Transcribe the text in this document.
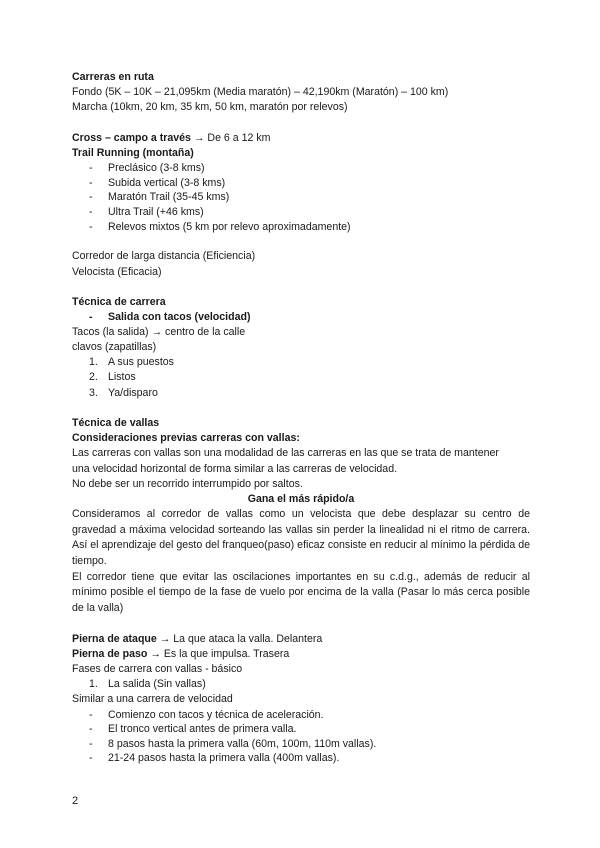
Carreras en ruta
Fondo (5K – 10K – 21,095km (Media maratón) – 42,190km (Maratón) – 100 km)
Marcha (10km, 20 km, 35 km, 50 km, maratón por relevos)
Cross – campo a través → De 6 a 12 km
Trail Running (montaña)
- Preclásico (3-8 kms)
- Subida vertical (3-8 kms)
- Maratón Trail (35-45 kms)
- Ultra Trail (+46 kms)
- Relevos mixtos (5 km por relevo aproximadamente)
Corredor de larga distancia (Eficiencia)
Velocista (Eficacia)
Técnica de carrera
- Salida con tacos (velocidad)
Tacos (la salida) → centro de la calle
clavos (zapatillas)
1. A sus puestos
2. Listos
3. Ya/disparo
Técnica de vallas
Consideraciones previas carreras con vallas:
Las carreras con vallas son una modalidad de las carreras en las que se trata de mantener
una velocidad horizontal de forma similar a las carreras de velocidad.
No debe ser un recorrido interrumpido por saltos.
Gana el más rápido/a
Consideramos al corredor de vallas como un velocista que debe desplazar su centro de gravedad a máxima velocidad sorteando las vallas sin perder la linealidad ni el ritmo de carrera. Así el aprendizaje del gesto del franqueo(paso) eficaz consiste en reducir al mínimo la pérdida de tiempo.
El corredor tiene que evitar las oscilaciones importantes en su c.d.g., además de reducir al mínimo posible el tiempo de la fase de vuelo por encima de la valla (Pasar lo más cerca posible de la valla)
Pierna de ataque → La que ataca la valla. Delantera
Pierna de paso → Es la que impulsa. Trasera
Fases de carrera con vallas - básico
1. La salida (Sin vallas)
Similar a una carrera de velocidad
- Comienzo con tacos y técnica de aceleración.
- El tronco vertical antes de primera valla.
- 8 pasos hasta la primera valla (60m, 100m, 110m vallas).
- 21-24 pasos hasta la primera valla (400m vallas).
2
